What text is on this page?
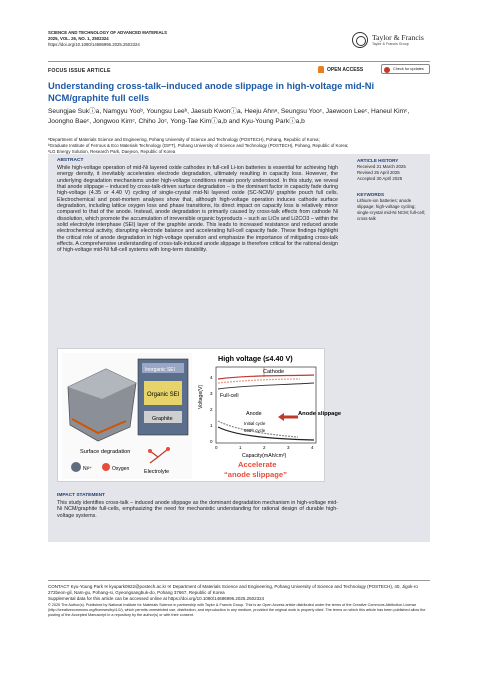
SCIENCE AND TECHNOLOGY OF ADVANCED MATERIALS
2025, VOL. 26, NO. 1, 2502324
https://doi.org/10.1080/14686996.2025.2502324
Taylor & Francis
Taylor & Francis Group
FOCUS ISSUE ARTICLE	OPEN ACCESS	Check for updates
Understanding cross-talk–induced anode slippage in high-voltage mid-Ni NCM/graphite full cells
Seungjae Sukⓘa, Namgyu Yooᵇ, Youngsu Leeᵇ, Jaesub Kwonⓘa, Heeju Ahnᵃ, Seungsu Yooᶜ, Jaewoon Leeᶜ, Haneul Kimᶜ, Joongho Baeᶜ, Jongwoo Kimᶜ, Chiho Joᶜ, Yong-Tae Kimⓘa,b and Kyu-Young Parkⓘa,b
ᵃDepartment of Materials Science and Engineering, Pohang University of Science and Technology (POSTECH), Pohang, Republic of Korea;
ᵇGraduate Institute of Ferrous & Eco Materials Technology (GIFT), Pohang University of Science and Technology (POSTECH), Pohang, Republic of Korea;
ᶜLG Energy Solution, Research Park, Daejeon, Republic of Korea
ABSTRACT
While high-voltage operation of mid-Ni layered oxide cathodes in full-cell Li-ion batteries is essential for achieving high energy density, it inevitably accelerates electrode degradation, ultimately resulting in capacity loss. However, the underlying degradation mechanisms under high-voltage conditions remain poorly understood. In this study, we reveal that anode slippage – induced by cross-talk-driven surface degradation – is the dominant factor in capacity fade during high-voltage (4.35 or 4.40 V) cycling of single-crystal mid-Ni layered oxide (SC-NCM)/ graphite pouch full cells. Electrochemical and post-mortem analyses show that, although high-voltage operation induces cathode surface degradation, including lattice oxygen loss and phase transitions, its direct impact on capacity loss is relatively minor compared to that of the anode. Instead, anode degradation is primarily caused by cross-talk effects from cathode Ni dissolution, which promote the accumulation of irreversible organic byproducts – such as LiOx and Li2CO3 – within the solid electrolyte interphase (SEI) layer of the graphite anode. This leads to increased resistance and reduced anode electrochemical activity, disrupting electrode balance and accelerating full-cell capacity fade. These findings highlight the critical role of anode degradation in high-voltage operation and emphasize the importance of mitigating cross-talk effects. A comprehensive understanding of cross-talk-induced anode slippage is therefore critical for the rational design of high-voltage mid-Ni full-cell systems with long-term durability.
ARTICLE HISTORY
Received 31 March 2025
Revised 25 April 2025
Accepted 30 April 2025
KEYWORDS
Lithium-ion batteries; anode slippage; high-voltage cycling; single-crystal mid-Ni NCM; full-cell; cross-talk
Surface degradation
Inorganic SEI
Organic SEI
Graphite
Ni²⁺	Oxygen	Electrolyte
High voltage (≤4.40 V)
Voltage(V)
4
3
2
1
0
0	1	2	3	4
Capacity(mAh/cm²)
Cathode
Full-cell
Anode
Initial cycle
600ᵗʰ cycle
Anode slippage
Accelerate
“anode slippage”
IMPACT STATEMENT
This study identifies cross-talk – induced anode slippage as the dominant degradation mechanism in high-voltage mid-Ni NCM/graphite full-cells, emphasizing the need for mechanistic understanding for rational design of durable high-voltage systems.
CONTACT Kyu-Young Park ✉ kyupark0922@postech.ac.kr ✉ Department of Materials Science and Engineering, Pohang University of Science and Technology (POSTECH), 40, Jigok-ro 272beon-gil, Nam-gu, Pohang-si, Gyeongsangbuk-do, Pohang 37667, Republic of Korea
Supplemental data for this article can be accessed online at https://doi.org/10.1080/14686996.2025.2502324
© 2025 The Author(s). Published by National Institute for Materials Science in partnership with Taylor & Francis Group. This is an Open Access article distributed under the terms of the Creative Commons Attribution License (http://creativecommons.org/licenses/by/4.0/), which permits unrestricted use, distribution, and reproduction in any medium, provided the original work is properly cited. The terms on which this article has been published allow the posting of the Accepted Manuscript in a repository by the author(s) or with their consent.
